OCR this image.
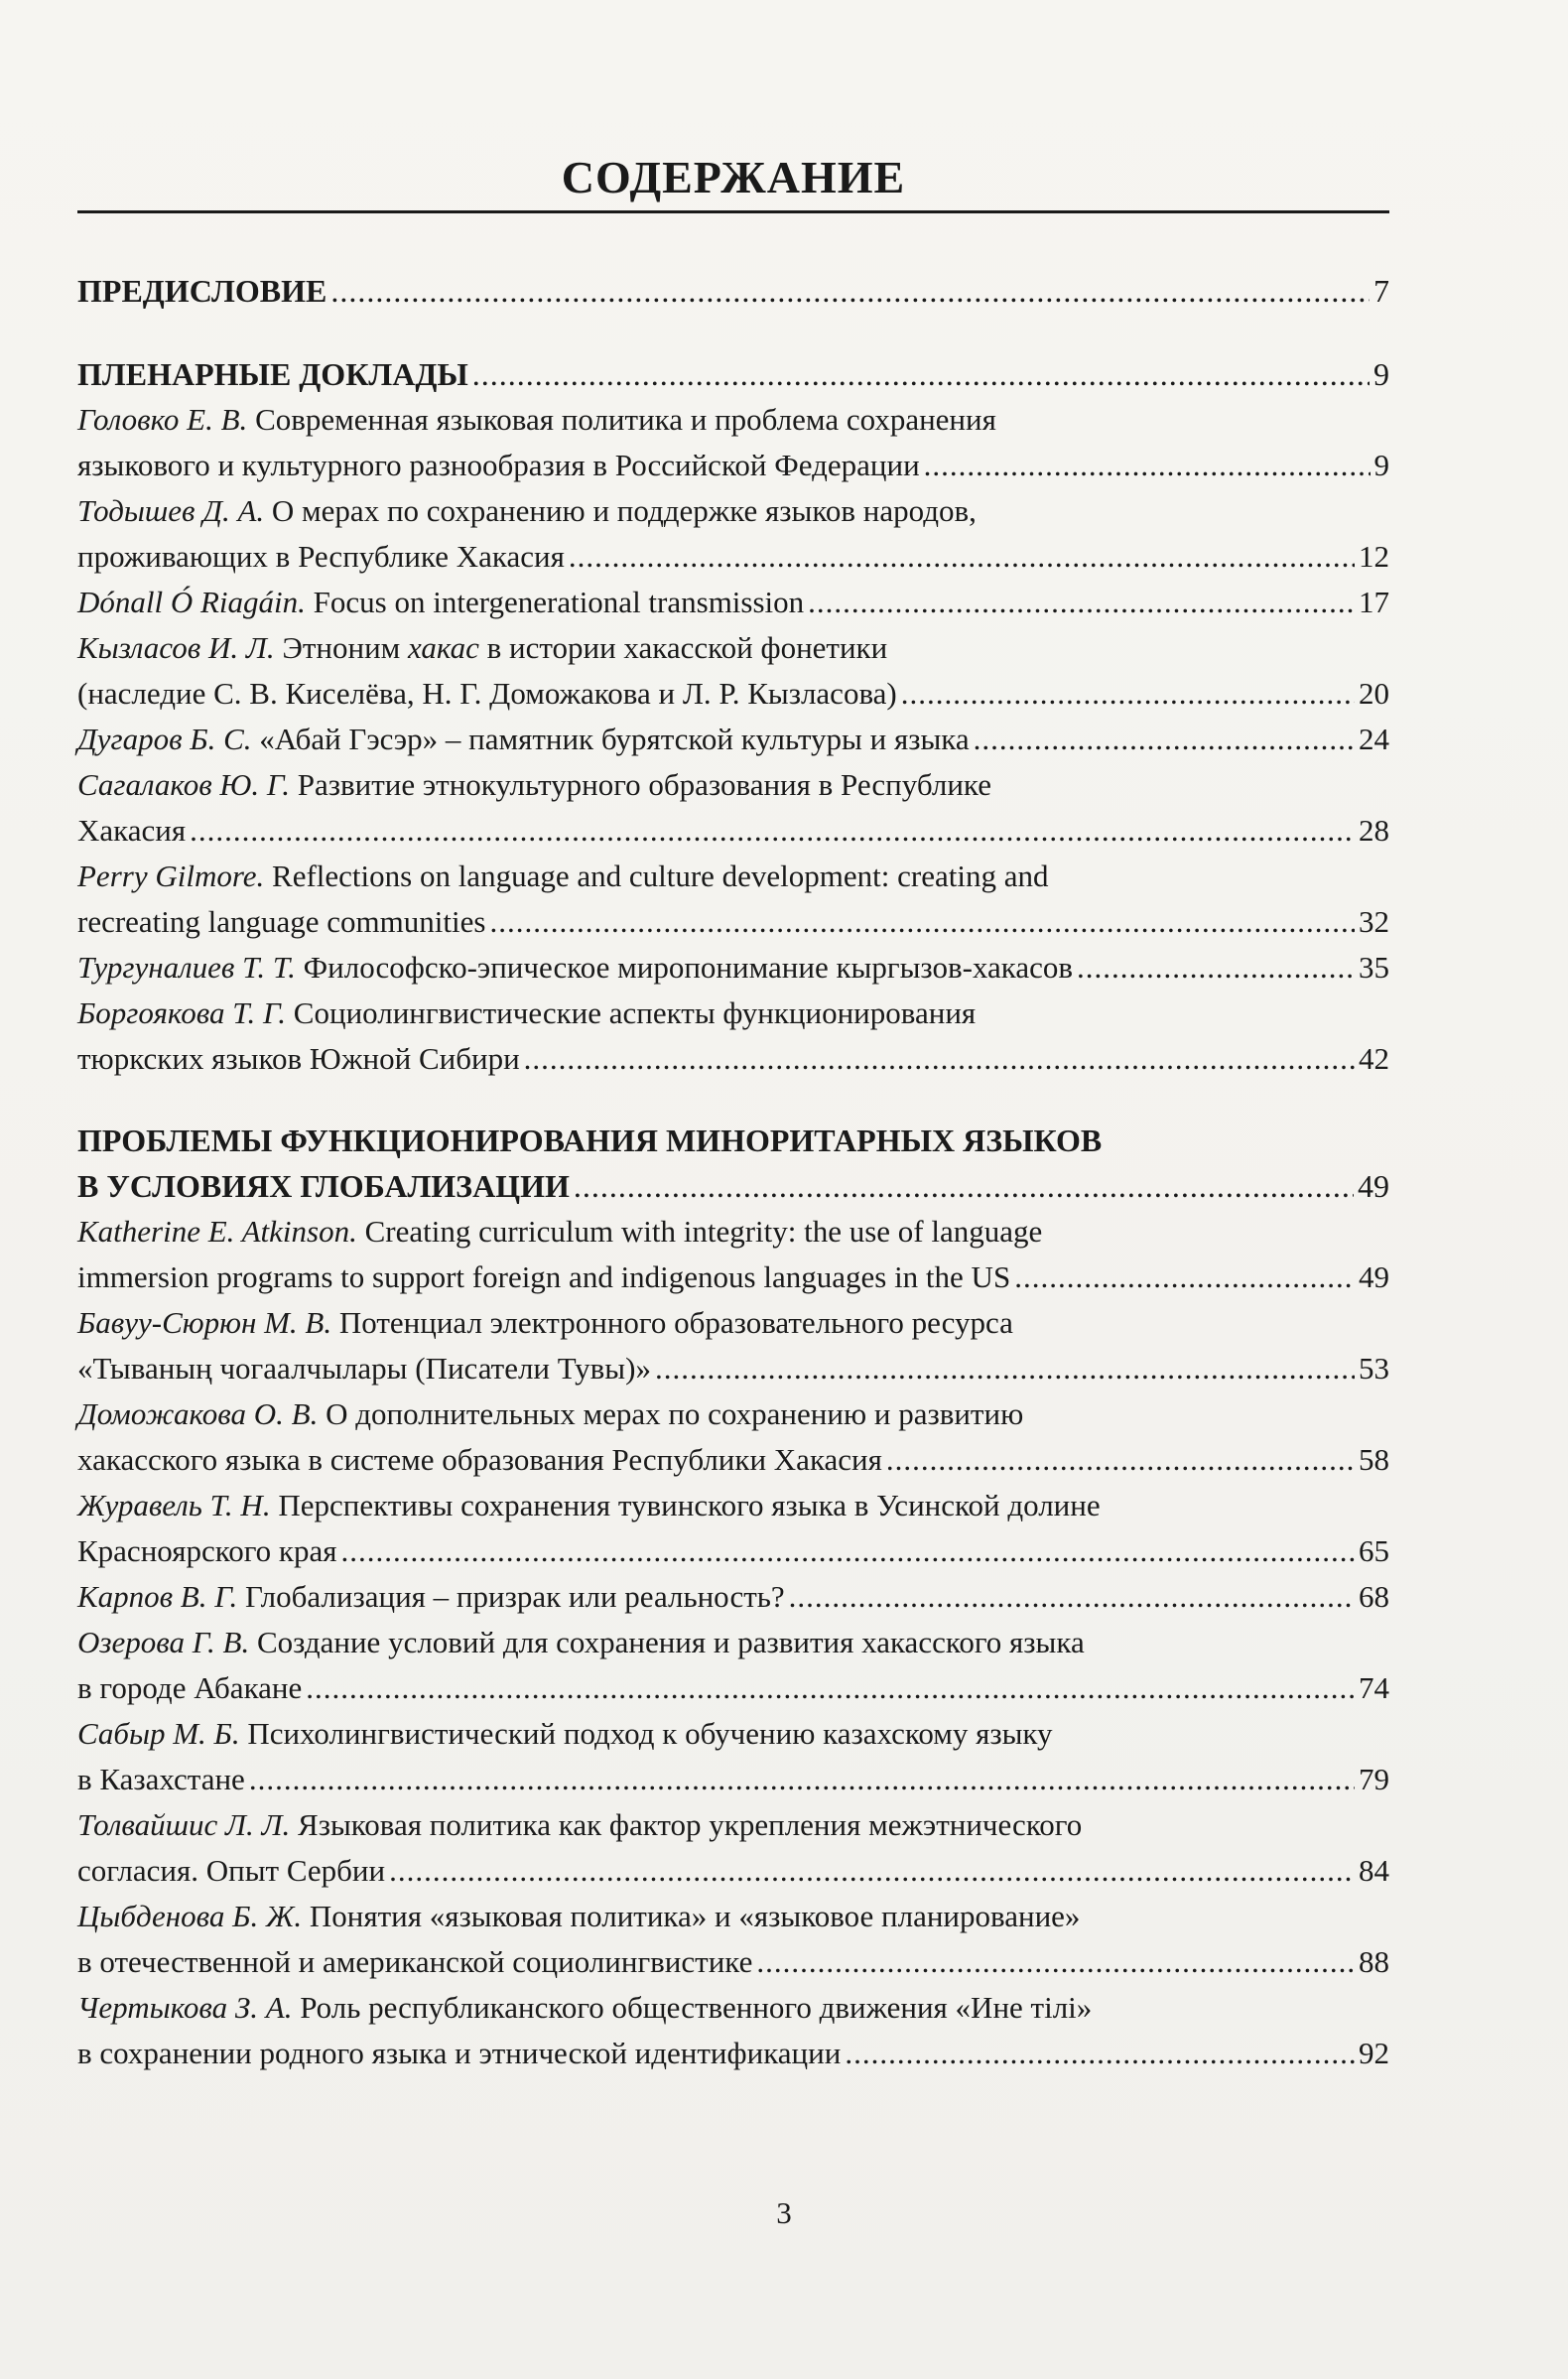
СОДЕРЖАНИЕ
ПРЕДИСЛОВИЕ .....	7
ПЛЕНАРНЫЕ ДОКЛАДЫ .....	9
Головко Е. В. Современная языковая политика и проблема сохранения
языкового и культурного разнообразия в Российской Федерации .....	9
Тодышев Д. А. О мерах по сохранению и поддержке языков народов,
проживающих в Республике Хакасия .....	12
Dónall Ó Riagáin. Focus on intergenerational transmission .....	17
Кызласов И. Л. Этноним хакас в истории хакасской фонетики
(наследие С. В. Киселёва, Н. Г. Доможакова и Л. Р. Кызласова) .....	20
Дугаров Б. С. «Абай Гэсэр» – памятник бурятской культуры и языка .....	24
Сагалаков Ю. Г. Развитие этнокультурного образования в Республике
Хакасия .....	28
Perry Gilmore. Reflections on language and culture development: creating and
recreating language communities .....	32
Тургуналиев Т. Т. Философско-эпическое миропонимание кыргызов-хакасов .....	35
Боргоякова Т. Г. Социолингвистические аспекты функционирования
тюркских языков Южной Сибири .....	42
ПРОБЛЕМЫ ФУНКЦИОНИРОВАНИЯ МИНОРИТАРНЫХ ЯЗЫКОВ
В УСЛОВИЯХ ГЛОБАЛИЗАЦИИ .....	49
Katherine E. Atkinson. Creating curriculum with integrity: the use of language
immersion programs to support foreign and indigenous languages in the US .....	49
Бавуу-Сюрюн М. В. Потенциал электронного образовательного ресурса
«Тываның чогаалчылары (Писатели Тувы)» .....	53
Доможакова О. В. О дополнительных мерах по сохранению и развитию
хакасского языка в системе образования Республики Хакасия .....	58
Журавель Т. Н. Перспективы сохранения тувинского языка в Усинской долине
Красноярского края .....	65
Карпов В. Г. Глобализация – призрак или реальность? .....	68
Озерова Г. В. Создание условий для сохранения и развития хакасского языка
в городе Абакане .....	74
Сабыр М. Б. Психолингвистический подход к обучению казахскому языку
в Казахстане .....	79
Толвайшис Л. Л. Языковая политика как фактор укрепления межэтнического
согласия. Опыт Сербии .....	84
Цыбденова Б. Ж. Понятия «языковая политика» и «языковое планирование»
в отечественной и американской социолингвистике .....	88
Чертыкова З. А. Роль республиканского общественного движения «Ине тiлi»
в сохранении родного языка и этнической идентификации .....	92
3
